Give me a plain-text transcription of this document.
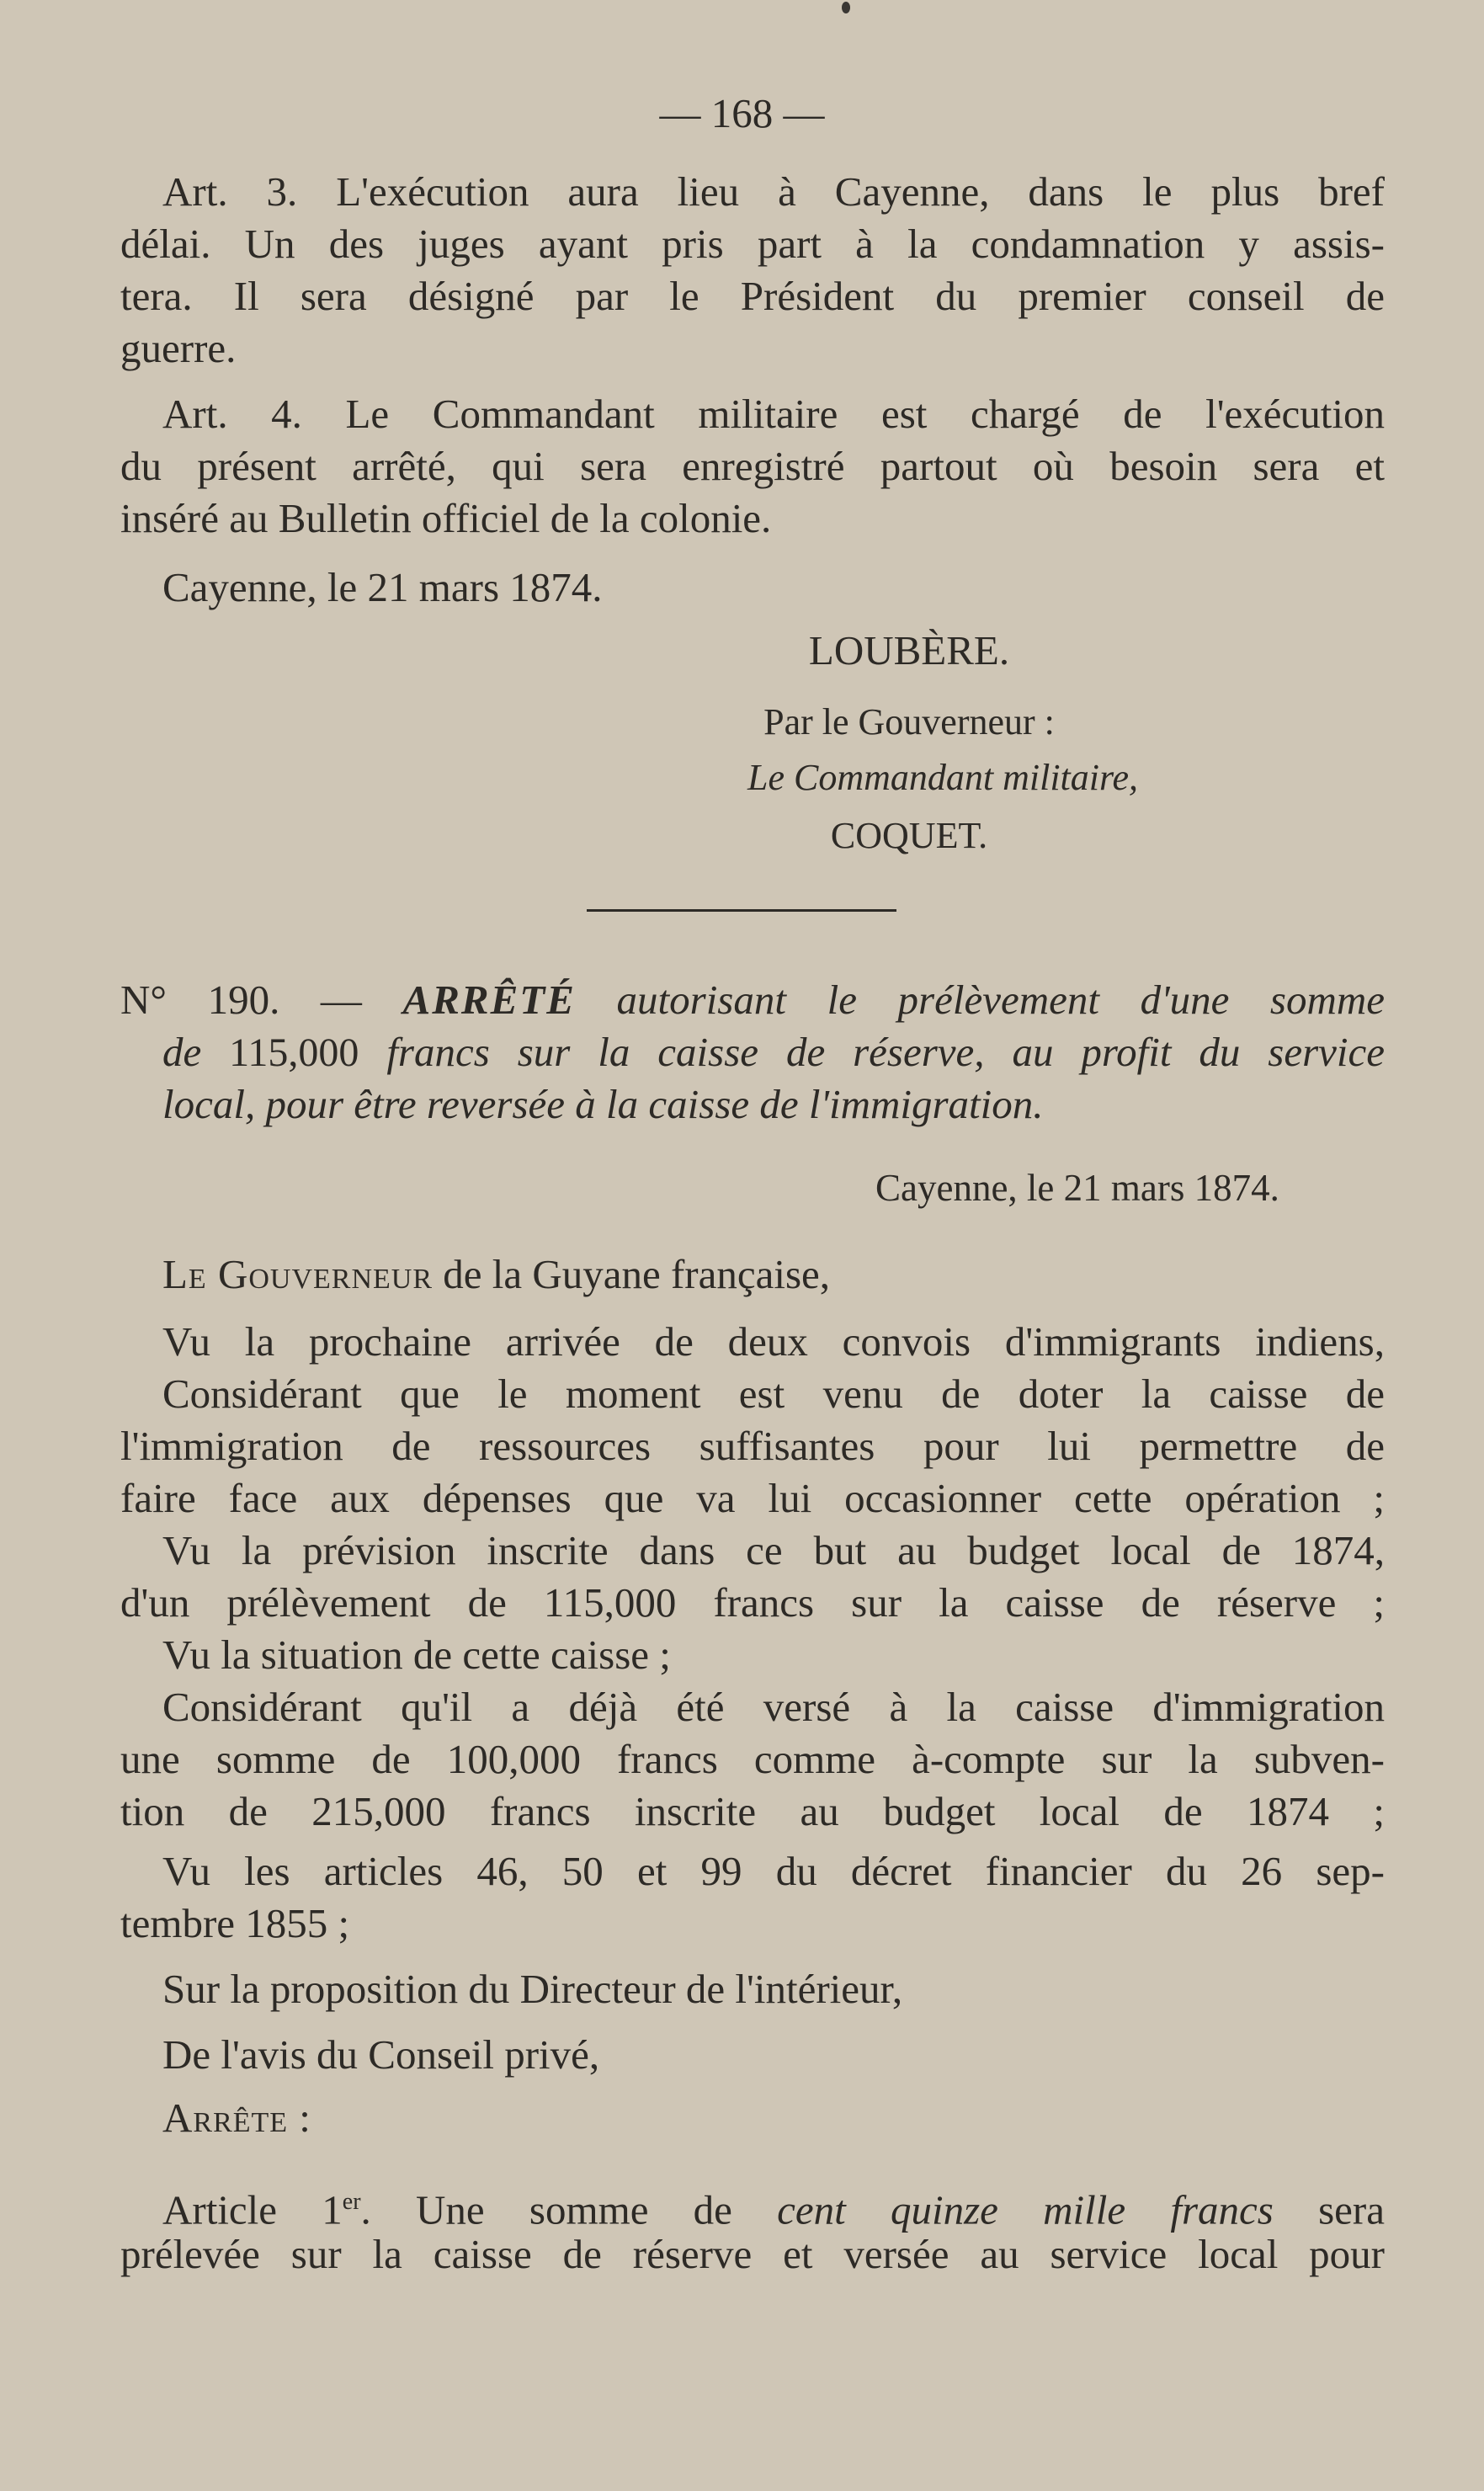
— 168 —
Art. 3. L'exécution aura lieu à Cayenne, dans le plus bref
délai. Un des juges ayant pris part à la condamnation y assis-
tera. Il sera désigné par le Président du premier conseil de
guerre.
Art. 4. Le Commandant militaire est chargé de l'exécution
du présent arrêté, qui sera enregistré partout où besoin sera et
inséré au Bulletin officiel de la colonie.
Cayenne, le 21 mars 1874.
LOUBÈRE.
Par le Gouverneur :
Le Commandant militaire,
COQUET.
N° 190. — ARRÊTÉ autorisant le prélèvement d'une somme
de 115,000 francs sur la caisse de réserve, au profit du service
local, pour être reversée à la caisse de l'immigration.
Cayenne, le 21 mars 1874.
Le Gouverneur de la Guyane française,
Vu la prochaine arrivée de deux convois d'immigrants indiens,
Considérant que le moment est venu de doter la caisse de
l'immigration de ressources suffisantes pour lui permettre de
faire face aux dépenses que va lui occasionner cette opération ;
Vu la prévision inscrite dans ce but au budget local de 1874,
d'un prélèvement de 115,000 francs sur la caisse de réserve ;
Vu la situation de cette caisse ;
Considérant qu'il a déjà été versé à la caisse d'immigration
une somme de 100,000 francs comme à-compte sur la subven-
tion de 215,000 francs inscrite au budget local de 1874 ;
Vu les articles 46, 50 et 99 du décret financier du 26 sep-
tembre 1855 ;
Sur la proposition du Directeur de l'intérieur,
De l'avis du Conseil privé,
Arrête :
Article 1er. Une somme de cent quinze mille francs sera
prélevée sur la caisse de réserve et versée au service local pour
